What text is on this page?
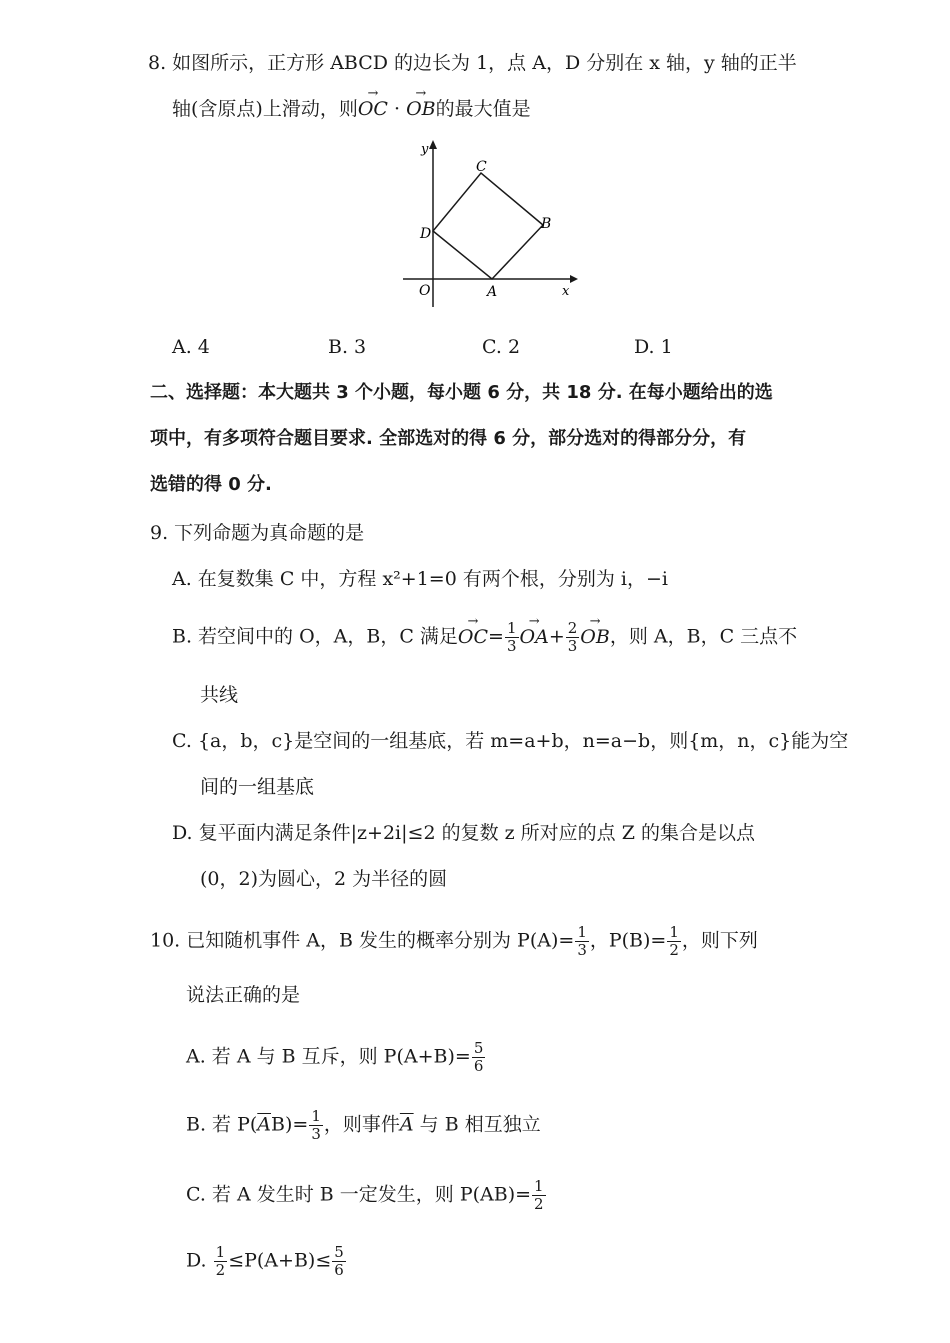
8. 如图所示，正方形 ABCD 的边长为 1，点 A，D 分别在 x 轴，y 轴的正半
轴(含原点)上滑动，则→ OC · → OB的最大值是
y
x
O	A
B
C
D
A. 4	B. 3	C. 2	D. 1
二、选择题：本大题共 3 个小题，每小题 6 分，共 18 分. 在每小题给出的选
项中，有多项符合题目要求. 全部选对的得 6 分，部分选对的得部分分，有
选错的得 0 分.
9. 下列命题为真命题的是
A. 在复数集 C 中，方程 x²+1=0 有两个根，分别为 i，−i
B. 若空间中的 O，A，B，C 满足→ $OC= \frac{1}{3} \to OA+ \frac{2}{3}$ → OB，则 A，B，C 三点不
共线
C. {a，b，c}是空间的一组基底，若 m=a+b，n=a−b，则{m，n，c}能为空
间的一组基底
D. 复平面内满足条件|z+2i|≤2 的复数 z 所对应的点 Z 的集合是以点
(0，2)为圆心，2 为半径的圆
10. 已知随机事件 A，B 发生的概率分别为 $P(A)= \frac{1}{3}$ ，$P(B)= \frac{1}{2}$ ，则下列
说法正确的是
A. 若 A 与 B 互斥，则 $P(A+B)= \frac{5}{6}$
B. 若 $P(\overline{A}B)= \frac{1}{3}$ ，则事件$\overline{A}$ 与 B 相互独立
C. 若 A 发生时 B 一定发生，则 $P(AB)= \frac{1}{2}$
D. $\frac{1}{2} \le P(A+B)\le \frac{5}{6}$
